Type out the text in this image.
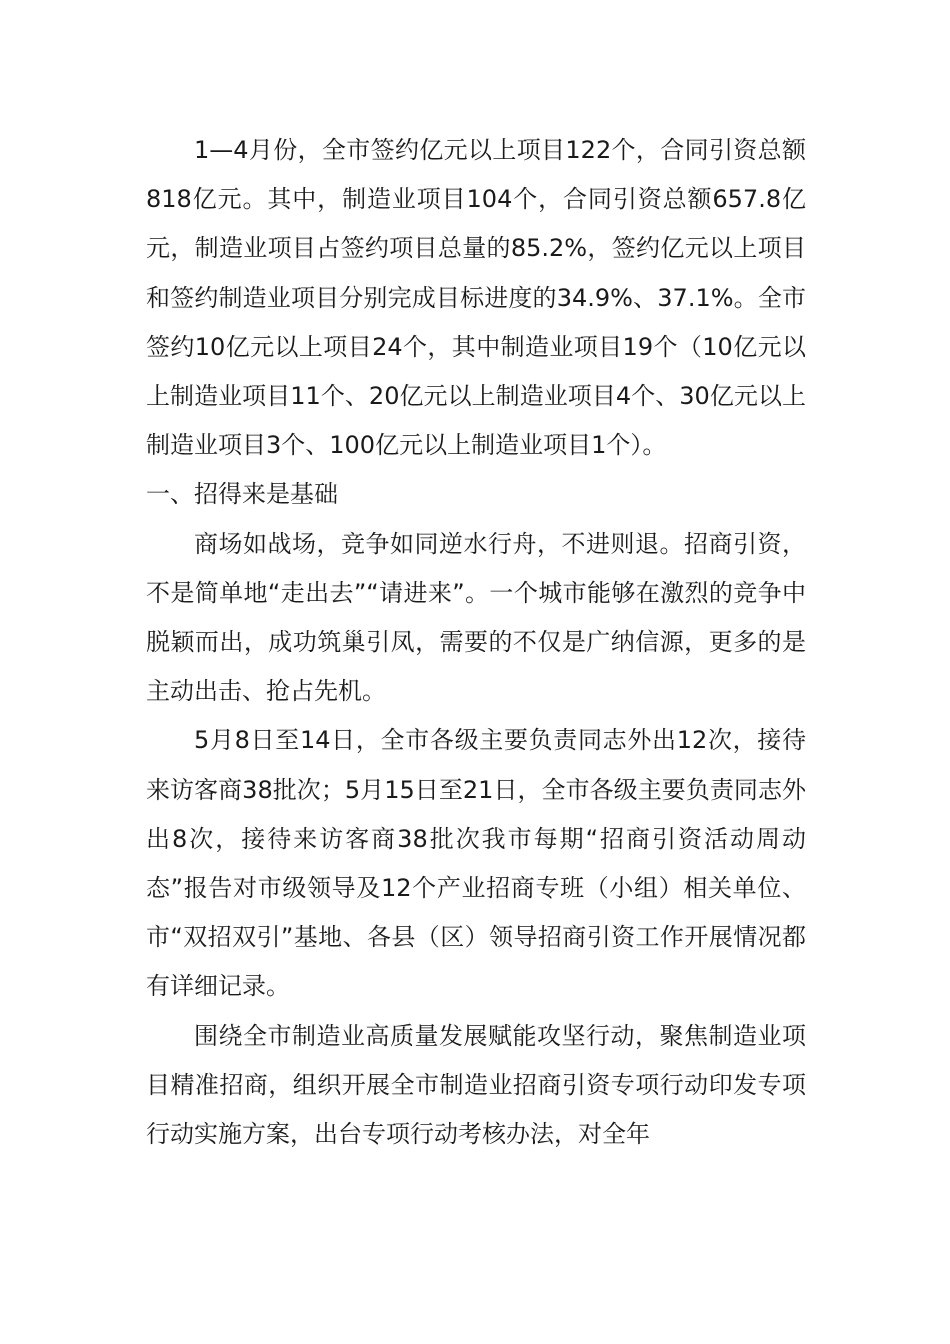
1—4月份，全市签约亿元以上项目122个，合同引资总额818亿元。其中，制造业项目104个，合同引资总额657.8亿元，制造业项目占签约项目总量的85.2%，签约亿元以上项目和签约制造业项目分别完成目标进度的34.9%、37.1%。全市签约10亿元以上项目24个，其中制造业项目19个（10亿元以上制造业项目11个、20亿元以上制造业项目4个、30亿元以上制造业项目3个、100亿元以上制造业项目1个）。

一、招得来是基础

商场如战场，竞争如同逆水行舟，不进则退。招商引资，不是简单地“走出去”“请进来”。一个城市能够在激烈的竞争中脱颖而出，成功筑巢引凤，需要的不仅是广纳信源，更多的是主动出击、抢占先机。

5月8日至14日，全市各级主要负责同志外出12次，接待来访客商38批次；5月15日至21日，全市各级主要负责同志外出8次，接待来访客商38批次我市每期“招商引资活动周动态”报告对市级领导及12个产业招商专班（小组）相关单位、市“双招双引”基地、各县（区）领导招商引资工作开展情况都有详细记录。

围绕全市制造业高质量发展赋能攻坚行动，聚焦制造业项目精准招商，组织开展全市制造业招商引资专项行动印发专项行动实施方案，出台专项行动考核办法，对全年
